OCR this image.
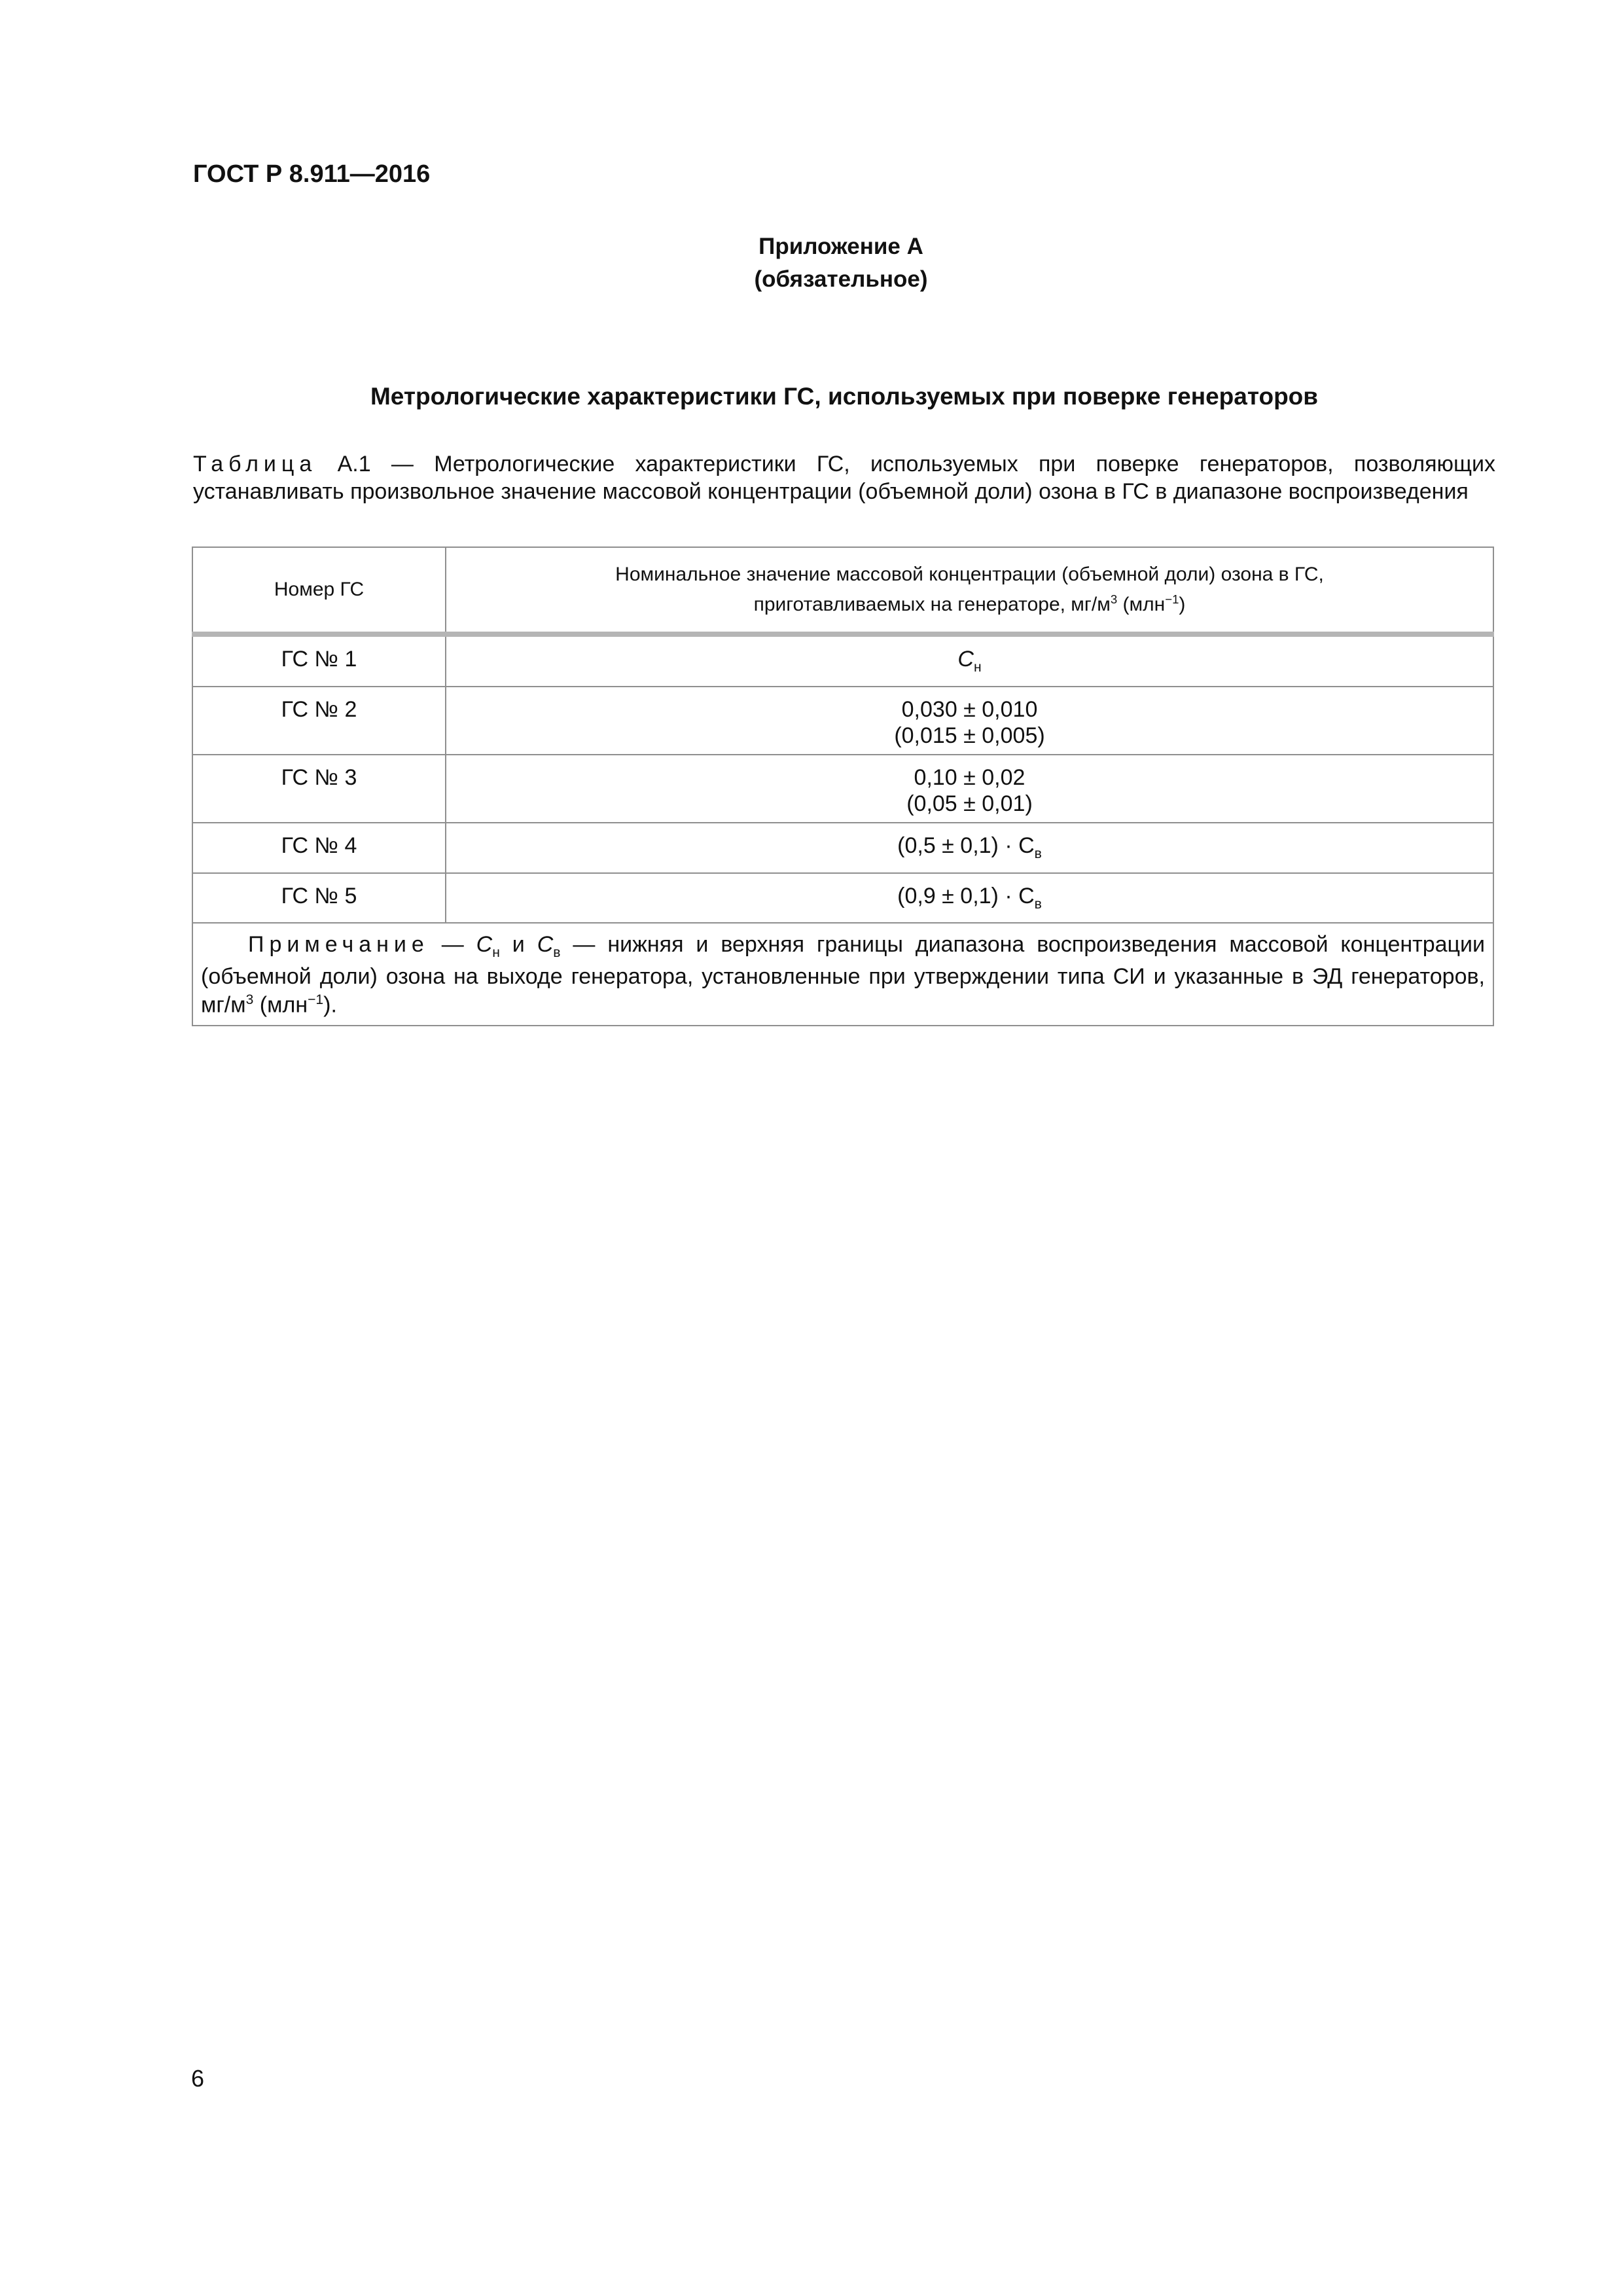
ГОСТ Р 8.911—2016
Приложение А
(обязательное)
Метрологические характеристики ГС, используемых при поверке генераторов
Таблица А.1 — Метрологические характеристики ГС, используемых при поверке генераторов, позволяющих устанавливать произвольное значение массовой концентрации (объемной доли) озона в ГС в диапазоне воспроизведения
Номер ГС	Номинальное значение массовой концентрации (объемной доли) озона в ГС,
приготавливаемых на генераторе, $мг/м^3$ (млн$^{-1}$)

ГС № 1	$C_н$
ГС № 2	0,030 ± 0,010
(0,015 ± 0,005)

ГС № 3	0,10 ± 0,02
(0,05 ± 0,01)

ГС № 4	$(0,5 \pm 0,1) \cdot С_в$
ГС № 5	$(0,9 \pm 0,1) \cdot С_в$
Примечание — $C_н$ и $C_в$ — нижняя и верхняя границы диапазона воспроизведения массовой концентрации (объемной доли) озона на выходе генератора, установленные при утверждении типа СИ и указанные в ЭД генераторов, $мг/м^3$ (млн$^{-1}$).	
6
